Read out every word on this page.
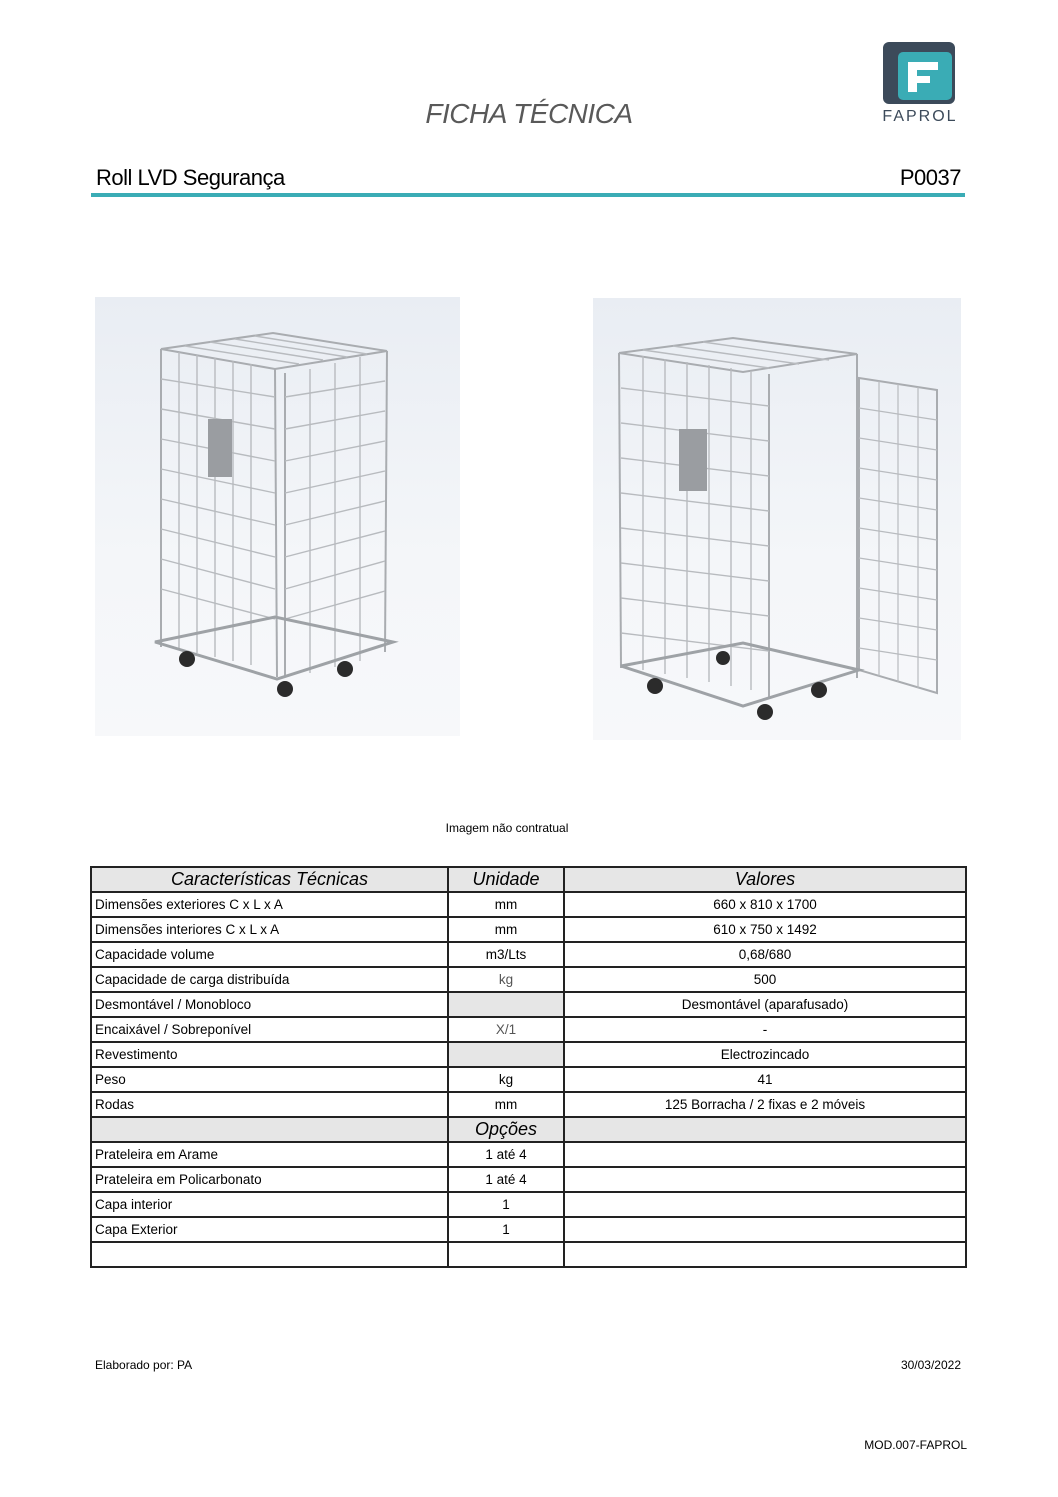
FICHA TÉCNICA	FAPROL
Roll LVD Segurança	P0037
Imagem não contratual
Características Técnicas	Unidade	Valores
Dimensões exteriores C x L x A	mm	660 x 810 x 1700
Dimensões interiores C x L x A	mm	610 x 750 x 1492
Capacidade volume	m3/Lts	0,68/680
Capacidade de carga distribuída	kg	500
Desmontável / Monobloco		Desmontável (aparafusado)
Encaixável / Sobreponível	X/1	-
Revestimento		Electrozincado
Peso	kg	41
Rodas	mm	125 Borracha / 2 fixas e 2 móveis
	Opções	
Prateleira em Arame	1 até 4	
Prateleira em Policarbonato	1 até 4	
Capa interior	1	
Capa Exterior	1	

Elaborado por: PA	30/03/2022
MOD.007-FAPROL
